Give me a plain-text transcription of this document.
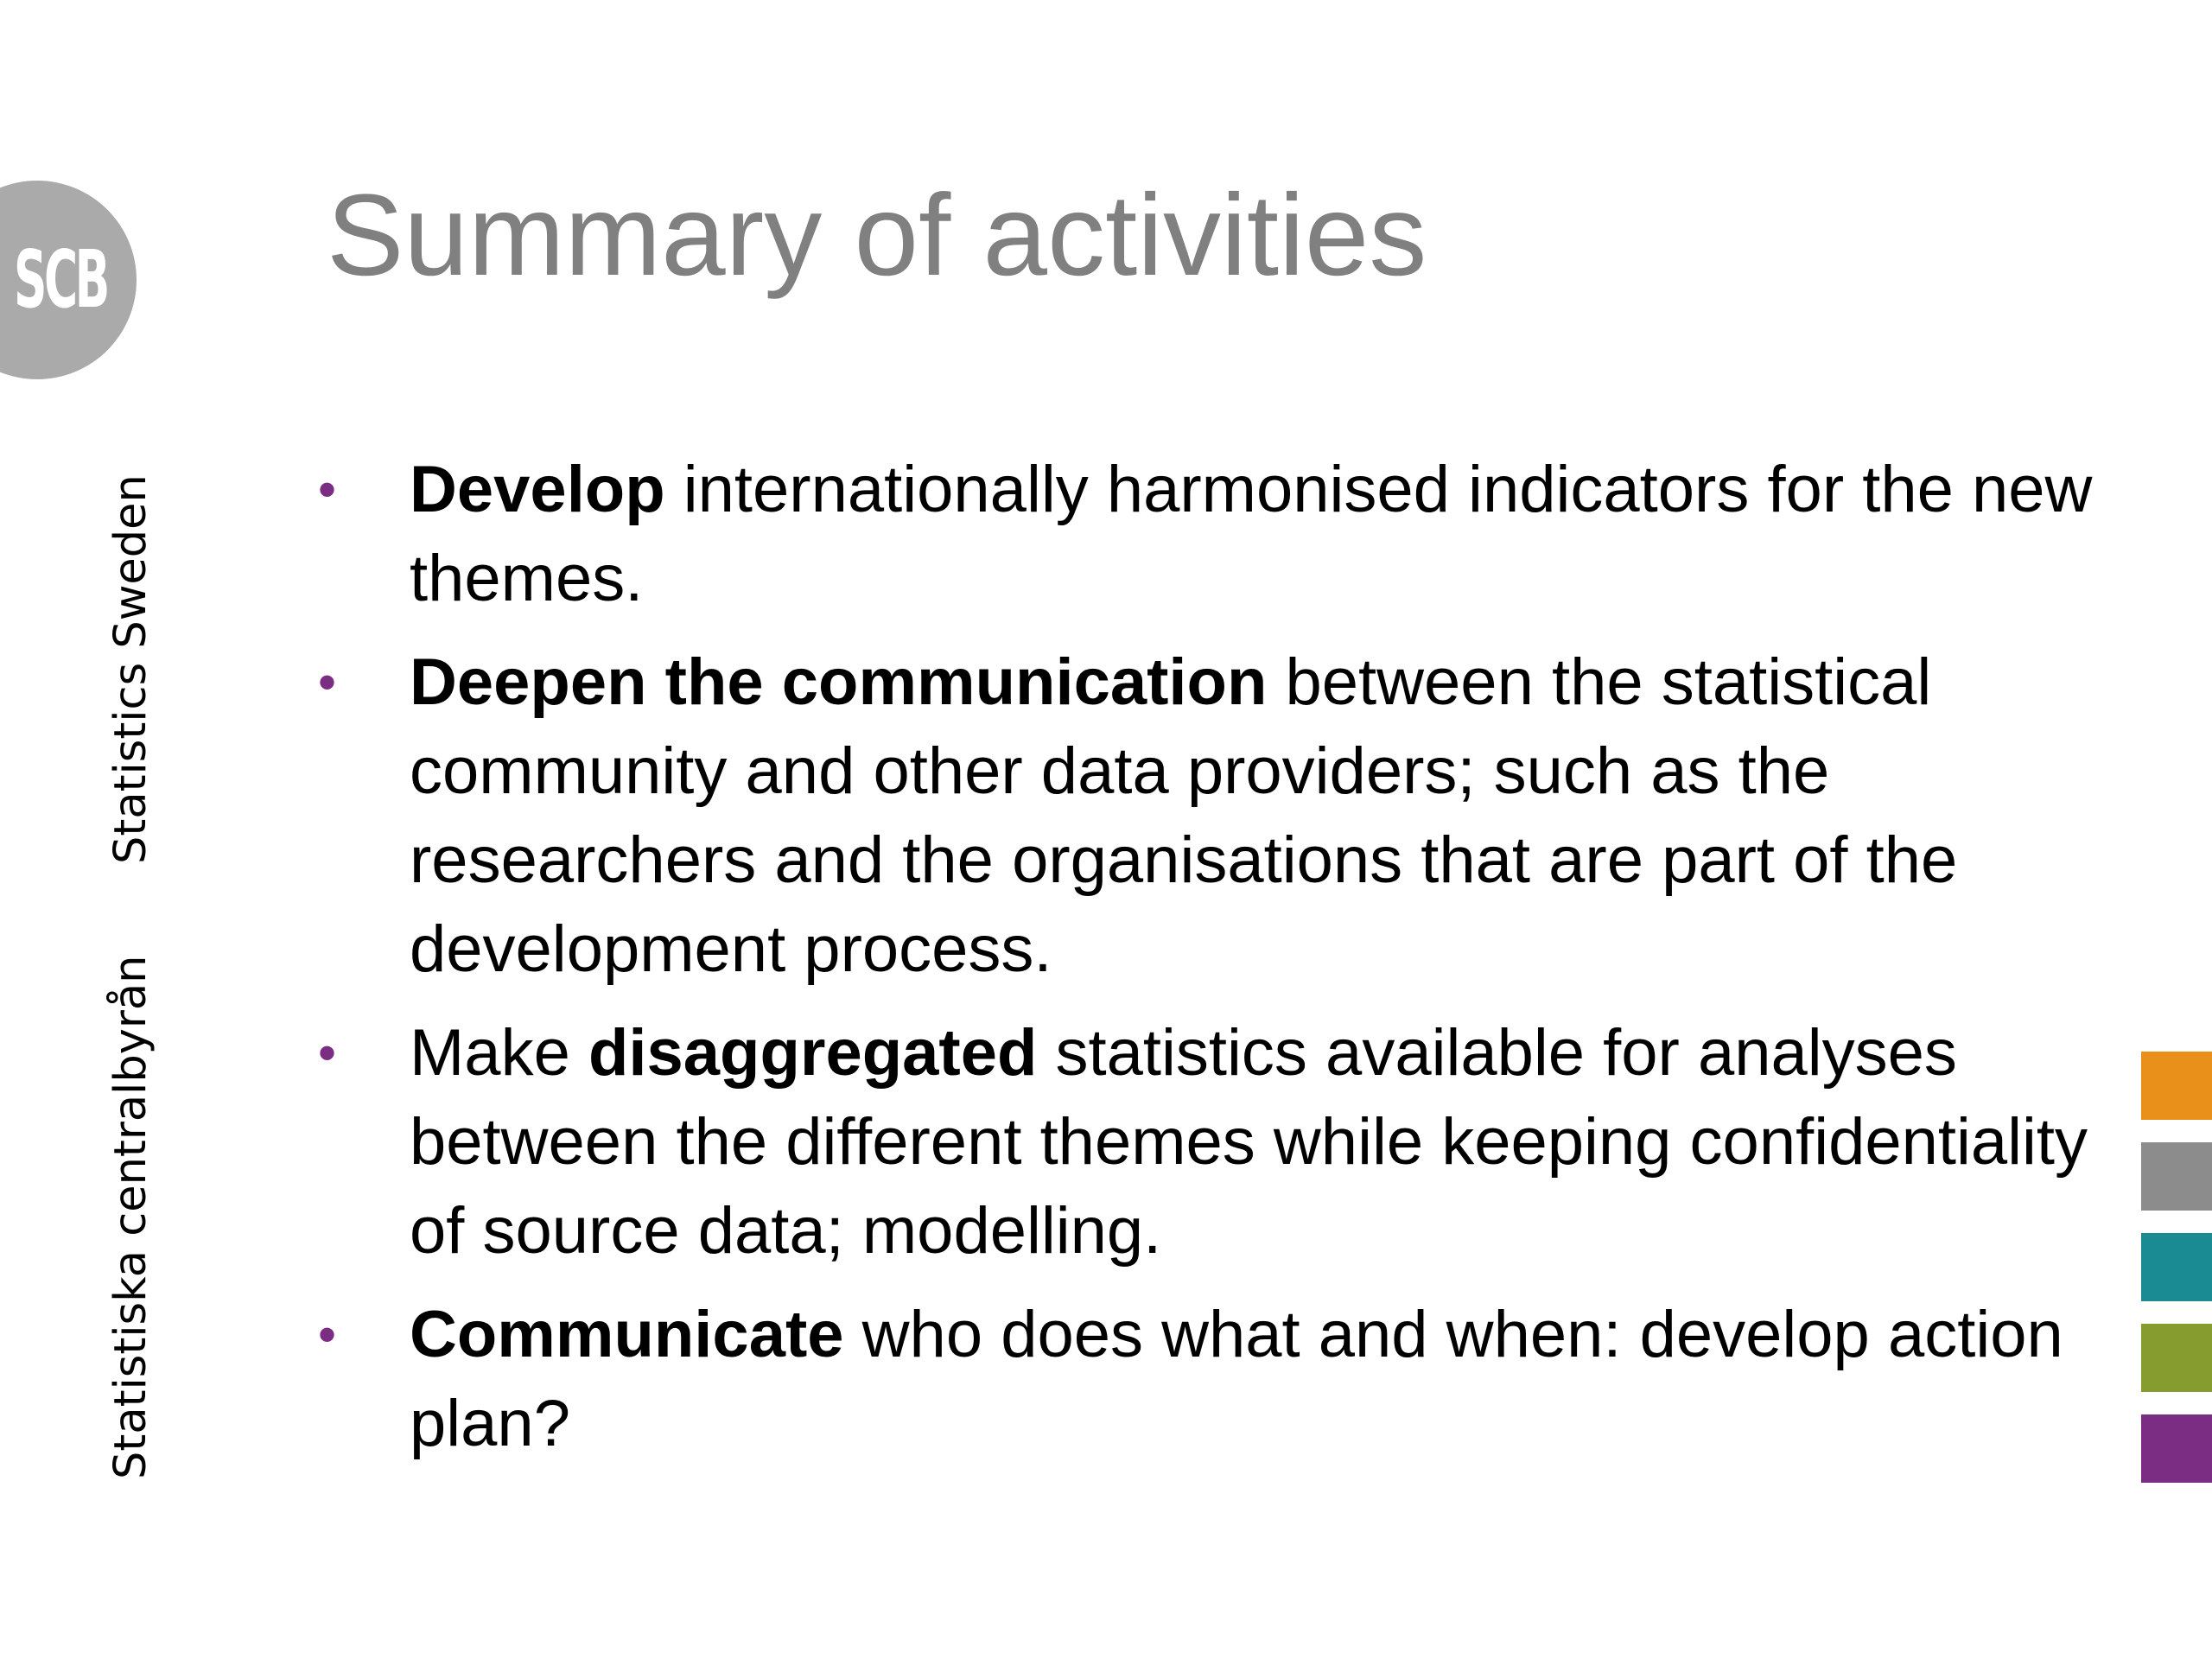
SCB
Statistics Sweden
Statistiska centralbyrån
Summary of activities
• Develop internationally harmonised indicators for the new themes.
• Deepen the communication between the statistical community and other data providers; such as the researchers and the organisations that are part of the development process.
• Make disaggregated statistics available for analyses between the different themes while keeping confidentiality of source data; modelling.
• Communicate who does what and when: develop action plan?
